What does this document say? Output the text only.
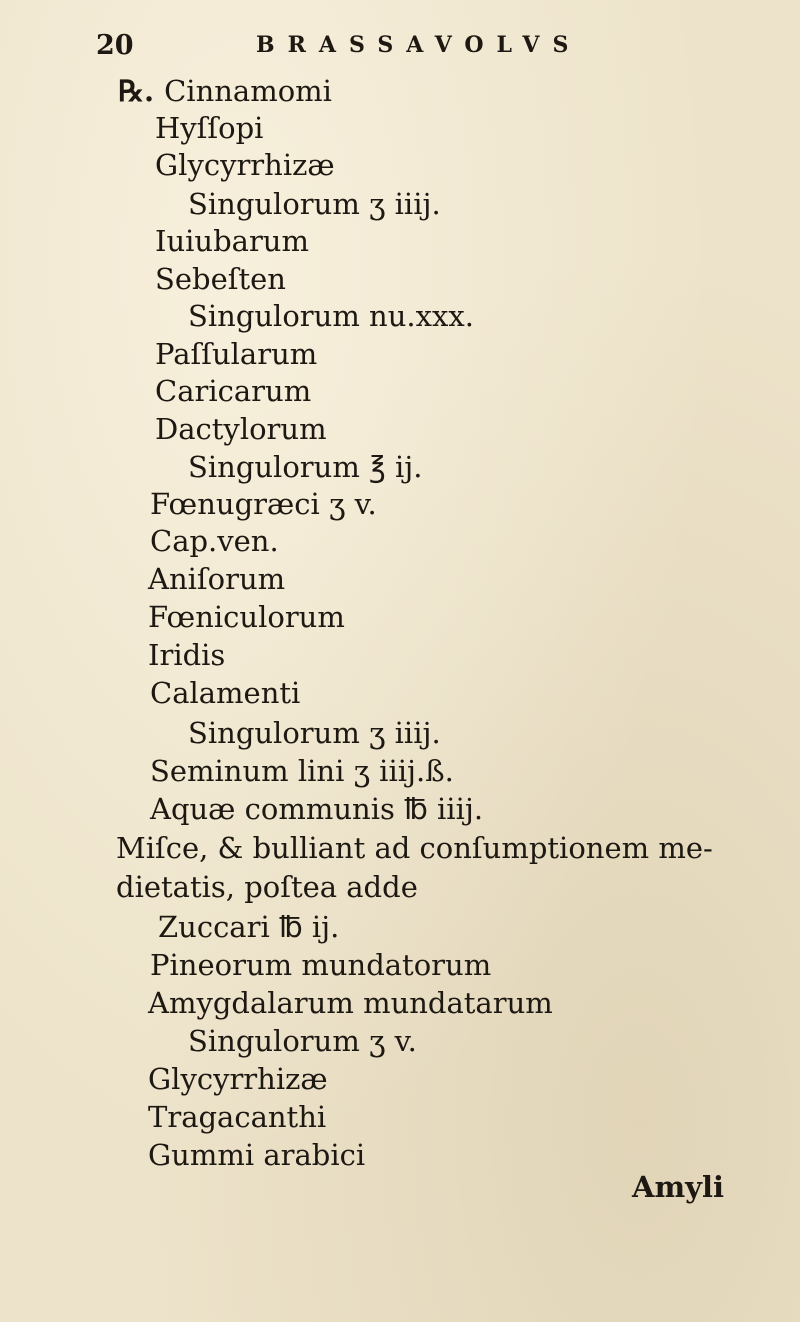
20	BRASSAVOLVS
℞. Cinnamomi
Hyſſopi
Glycyrrhizæ
Singulorum ʒ iiij.
Iuiubarum
Sebeſten
Singulorum nu.xxx.
Paſſularum
Caricarum
Dactylorum
Singulorum ℥ ij.
Fœnugræci ʒ v.
Cap.ven.
Aniſorum
Fœniculorum
Iridis
Calamenti
Singulorum ʒ iiij.
Seminum lini ʒ iiij.ß.
Aquæ communis ℔ iiij.
Miſce, & bulliant ad conſumptionem me-
dietatis, poſtea adde
Zuccari ℔ ij.
Pineorum mundatorum
Amygdalarum mundatarum
Singulorum ʒ v.
Glycyrrhizæ
Tragacanthi
Gummi arabici
Amyli
